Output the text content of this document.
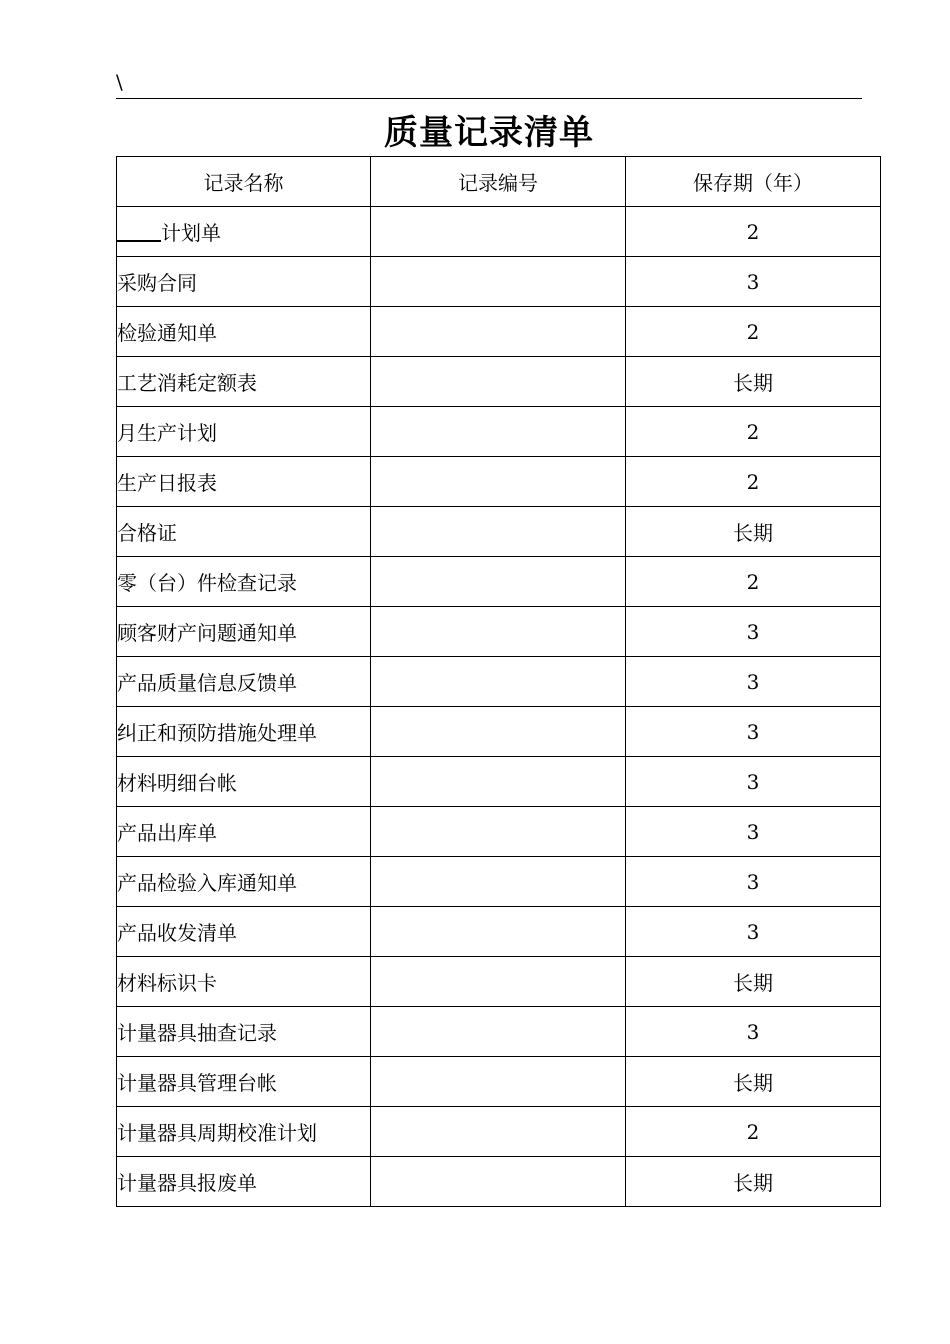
\
质量记录清单
记录名称	记录编号	保存期（年）
计划单		2
采购合同		3
检验通知单		2
工艺消耗定额表		长期
月生产计划		2
生产日报表		2
合格证		长期
零（台）件检查记录		2
顾客财产问题通知单		3
产品质量信息反馈单		3
纠正和预防措施处理单		3
材料明细台帐		3
产品出库单		3
产品检验入库通知单		3
产品收发清单		3
材料标识卡		长期
计量器具抽查记录		3
计量器具管理台帐		长期
计量器具周期校准计划		2
计量器具报废单		长期
